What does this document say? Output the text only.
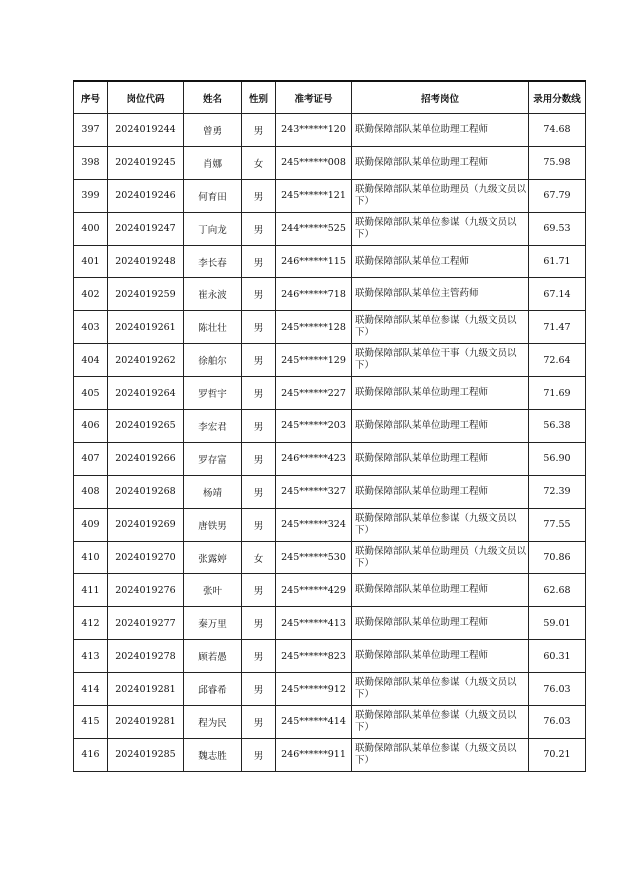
序号	岗位代码	姓名	性别	准考证号	招考岗位	录用分数线
397	2024019244	曾勇	男	243******120	联勤保障部队某单位助理工程师	74.68
398	2024019245	肖娜	女	245******008	联勤保障部队某单位助理工程师	75.98
399	2024019246	何育田	男	245******121	联勤保障部队某单位助理员（九级文员以下）	67.79
400	2024019247	丁向龙	男	244******525	联勤保障部队某单位参谋（九级文员以下）	69.53
401	2024019248	李长春	男	246******115	联勤保障部队某单位工程师	61.71
402	2024019259	崔永波	男	246******718	联勤保障部队某单位主管药师	67.14
403	2024019261	陈壮壮	男	245******128	联勤保障部队某单位参谋（九级文员以下）	71.47
404	2024019262	徐舶尔	男	245******129	联勤保障部队某单位干事（九级文员以下）	72.64
405	2024019264	罗哲宇	男	245******227	联勤保障部队某单位助理工程师	71.69
406	2024019265	李宏君	男	245******203	联勤保障部队某单位助理工程师	56.38
407	2024019266	罗存富	男	246******423	联勤保障部队某单位助理工程师	56.90
408	2024019268	杨靖	男	245******327	联勤保障部队某单位助理工程师	72.39
409	2024019269	唐铁男	男	245******324	联勤保障部队某单位参谋（九级文员以下）	77.55
410	2024019270	张露婷	女	245******530	联勤保障部队某单位助理员（九级文员以下）	70.86
411	2024019276	张叶	男	245******429	联勤保障部队某单位助理工程师	62.68
412	2024019277	秦万里	男	245******413	联勤保障部队某单位助理工程师	59.01
413	2024019278	顾若愚	男	245******823	联勤保障部队某单位助理工程师	60.31
414	2024019281	邱睿希	男	245******912	联勤保障部队某单位参谋（九级文员以下）	76.03
415	2024019281	程为民	男	245******414	联勤保障部队某单位参谋（九级文员以下）	76.03
416	2024019285	魏志胜	男	246******911	联勤保障部队某单位参谋（九级文员以下）	70.21
